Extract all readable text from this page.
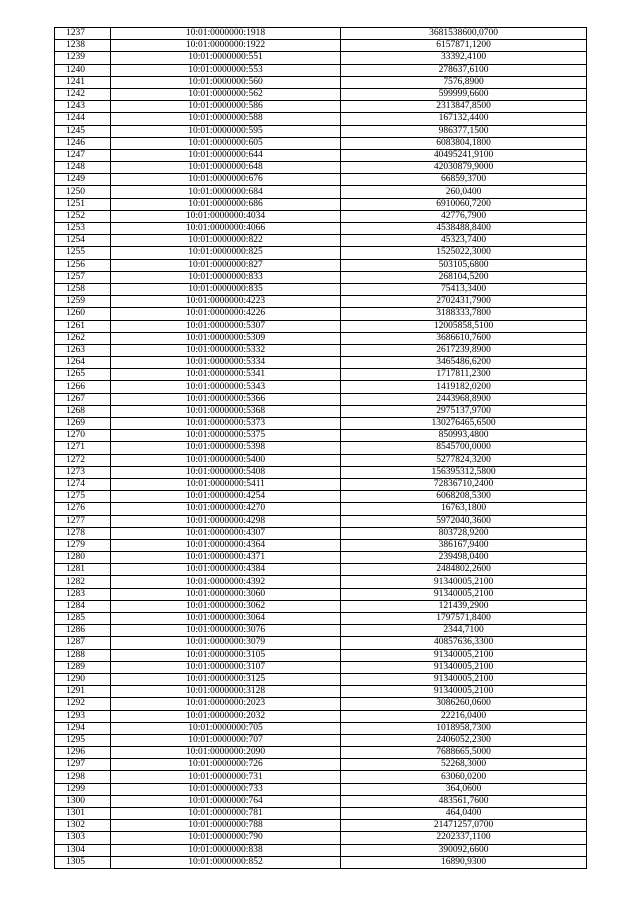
1237	10:01:0000000:1918	3681538600,0700
1238	10:01:0000000:1922	6157871,1200
1239	10:01:0000000:551	33392,4100
1240	10:01:0000000:553	278637,6100
1241	10:01:0000000:560	7576,8900
1242	10:01:0000000:562	599999,6600
1243	10:01:0000000:586	2313847,8500
1244	10:01:0000000:588	167132,4400
1245	10:01:0000000:595	986377,1500
1246	10:01:0000000:605	6083804,1800
1247	10:01:0000000:644	40495241,9100
1248	10:01:0000000:648	42030879,9000
1249	10:01:0000000:676	66859,3700
1250	10:01:0000000:684	260,0400
1251	10:01:0000000:686	6910060,7200
1252	10:01:0000000:4034	42776,7900
1253	10:01:0000000:4066	4538488,8400
1254	10:01:0000000:822	45323,7400
1255	10:01:0000000:825	1525022,3000
1256	10:01:0000000:827	503105,6800
1257	10:01:0000000:833	268104,5200
1258	10:01:0000000:835	75413,3400
1259	10:01:0000000:4223	2702431,7900
1260	10:01:0000000:4226	3188333,7800
1261	10:01:0000000:5307	12005858,5100
1262	10:01:0000000:5309	3686610,7600
1263	10:01:0000000:5332	2617239,8900
1264	10:01:0000000:5334	3465486,6200
1265	10:01:0000000:5341	1717811,2300
1266	10:01:0000000:5343	1419182,0200
1267	10:01:0000000:5366	2443968,8900
1268	10:01:0000000:5368	2975137,9700
1269	10:01:0000000:5373	130276465,6500
1270	10:01:0000000:5375	850993,4800
1271	10:01:0000000:5398	8545700,0000
1272	10:01:0000000:5400	5277824,3200
1273	10:01:0000000:5408	156395312,5800
1274	10:01:0000000:5411	72836710,2400
1275	10:01:0000000:4254	6068208,5300
1276	10:01:0000000:4270	16763,1800
1277	10:01:0000000:4298	5972040,3600
1278	10:01:0000000:4307	803728,9200
1279	10:01:0000000:4364	386167,9400
1280	10:01:0000000:4371	239498,0400
1281	10:01:0000000:4384	2484802,2600
1282	10:01:0000000:4392	91340005,2100
1283	10:01:0000000:3060	91340005,2100
1284	10:01:0000000:3062	121439,2900
1285	10:01:0000000:3064	1797571,8400
1286	10:01:0000000:3076	2344,7100
1287	10:01:0000000:3079	40857636,3300
1288	10:01:0000000:3105	91340005,2100
1289	10:01:0000000:3107	91340005,2100
1290	10:01:0000000:3125	91340005,2100
1291	10:01:0000000:3128	91340005,2100
1292	10:01:0000000:2023	3086260,0600
1293	10:01:0000000:2032	22216,0400
1294	10:01:0000000:705	1018958,7300
1295	10:01:0000000:707	2406052,2300
1296	10:01:0000000:2090	7688665,5000
1297	10:01:0000000:726	52268,3000
1298	10:01:0000000:731	63060,0200
1299	10:01:0000000:733	364,0600
1300	10:01:0000000:764	483561,7600
1301	10:01:0000000:781	464,0400
1302	10:01:0000000:788	21471257,0700
1303	10:01:0000000:790	2202337,1100
1304	10:01:0000000:838	390092,6600
1305	10:01:0000000:852	16890,9300
